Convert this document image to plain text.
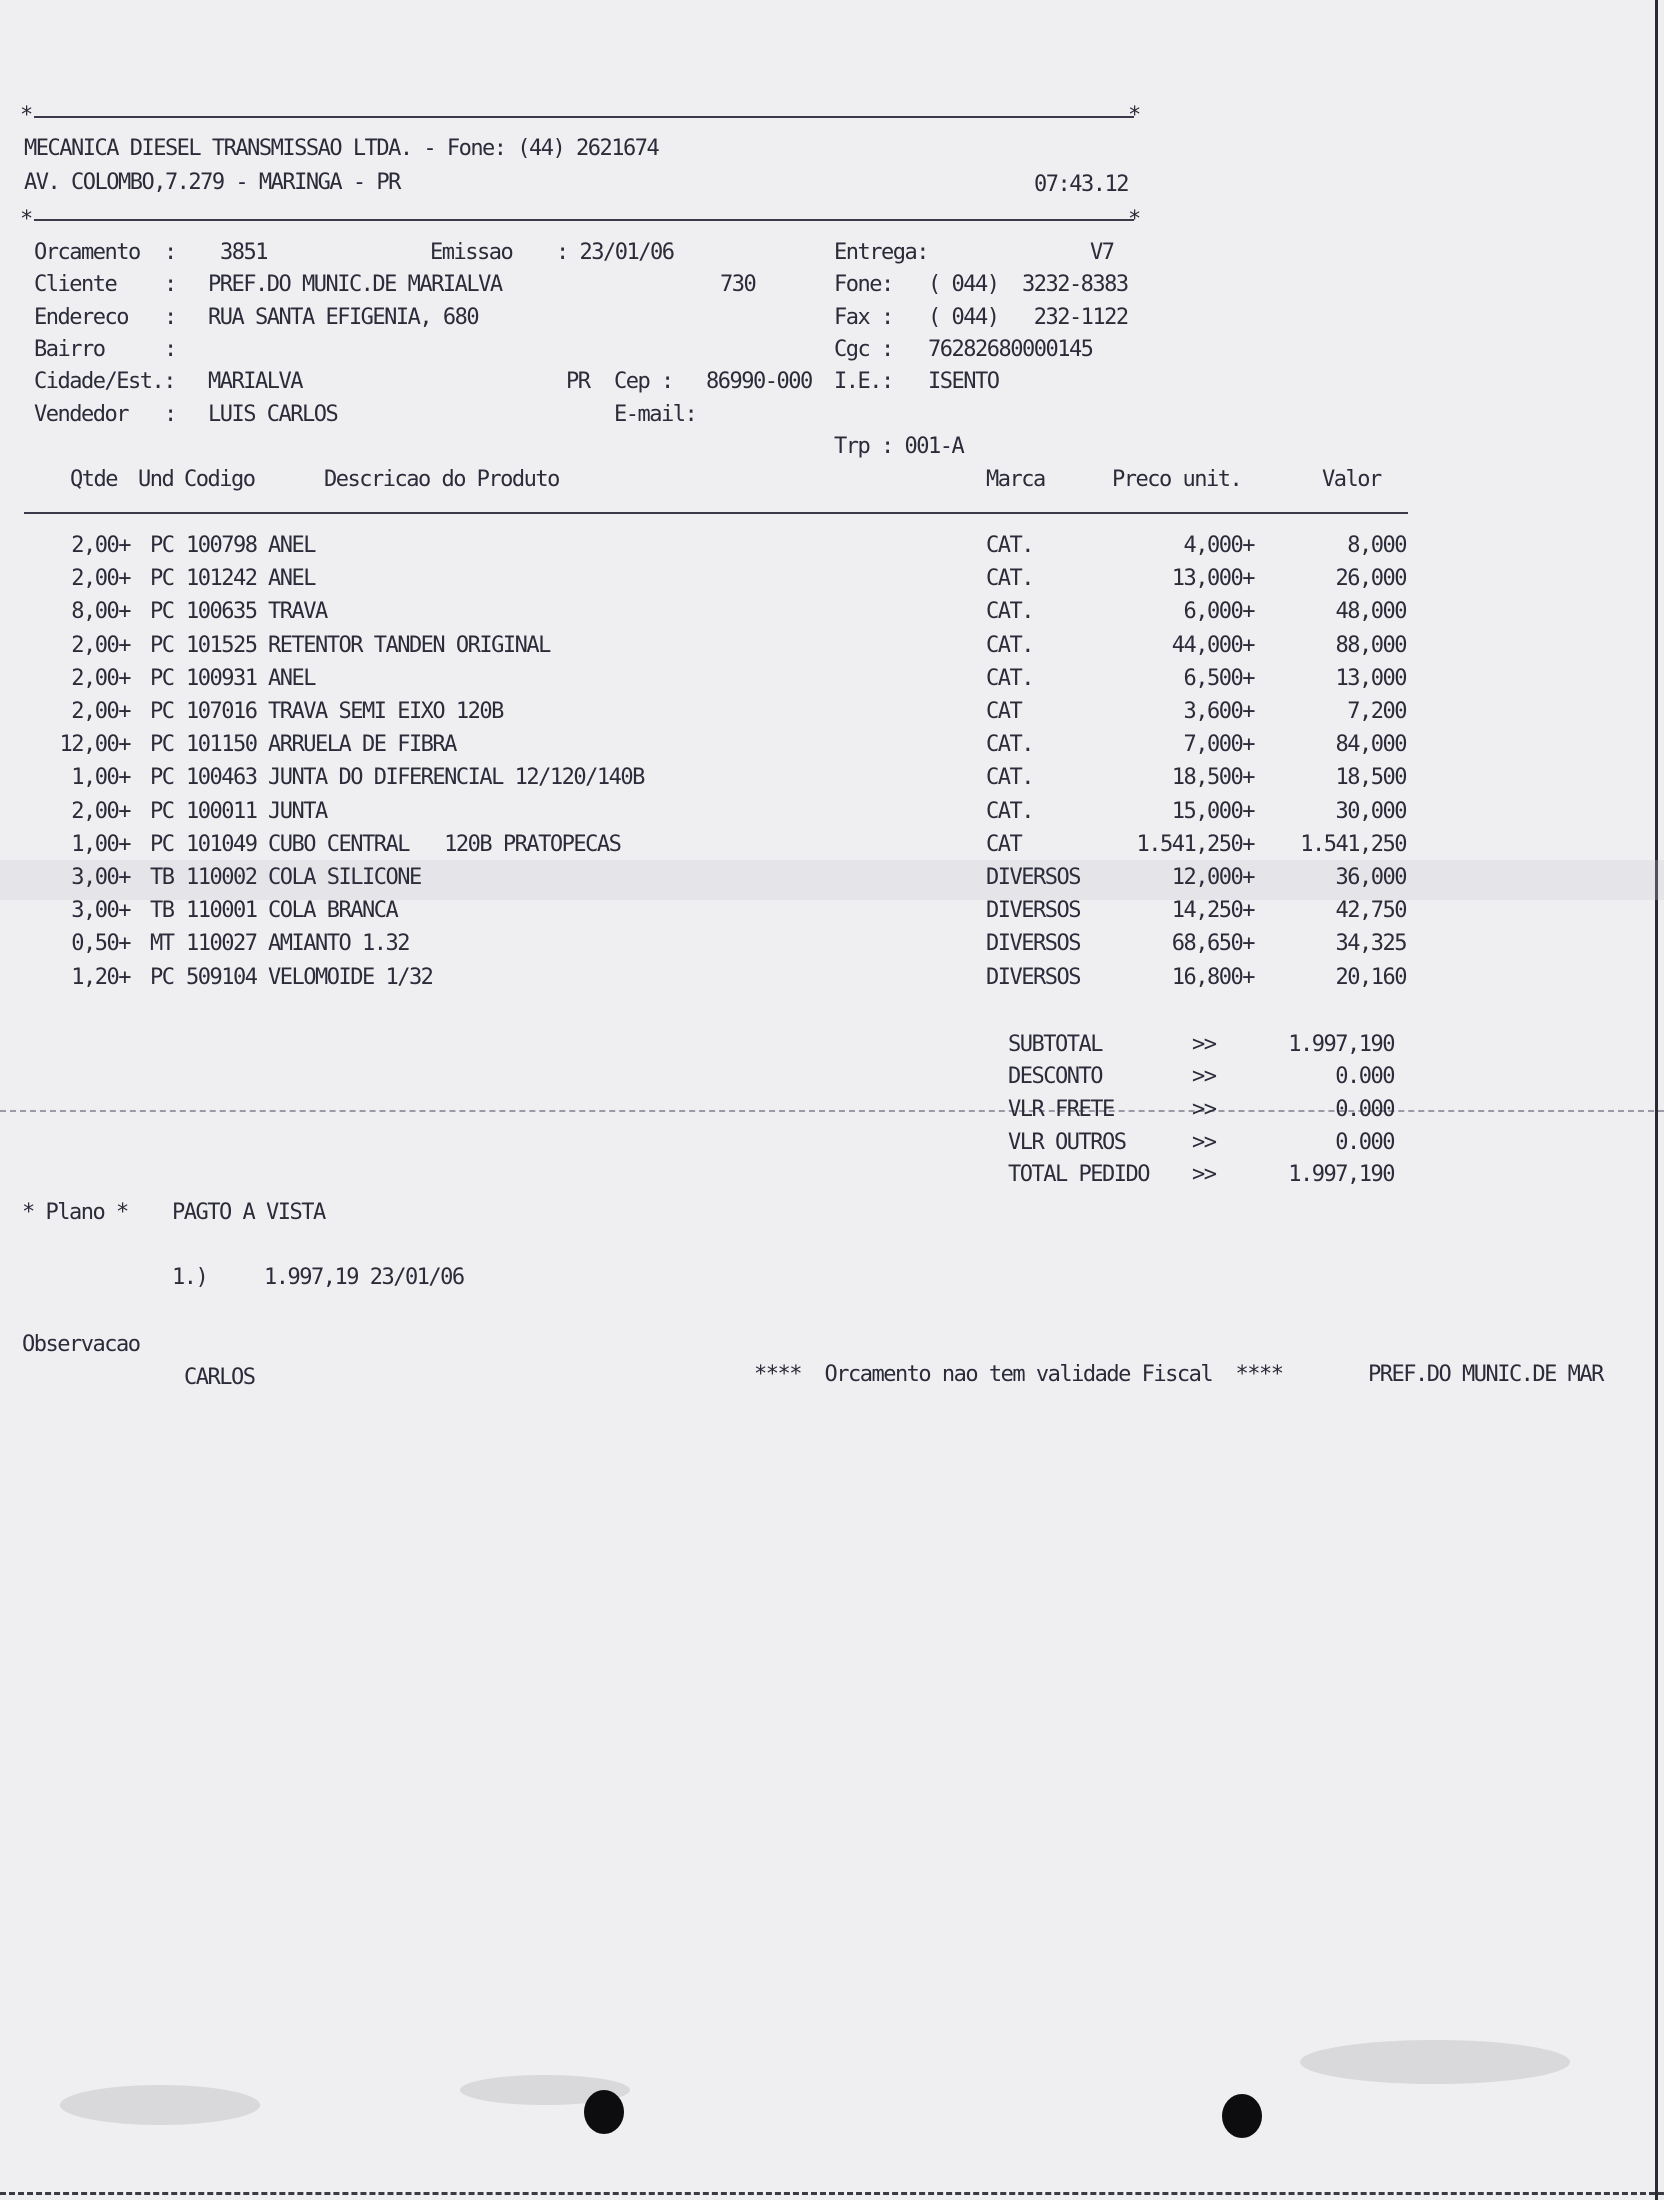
*	*
MECANICA DIESEL TRANSMISSAO LTDA. - Fone: (44) 2621674
AV. COLOMBO,7.279 - MARINGA - PR	07:43.12
*	*
Orcamento : 3851	Emissao : 23/01/06	Entrega:	V7
Cliente : PREF.DO MUNIC.DE MARIALVA	730	Fone: ( 044)  3232-8383
Endereco : RUA SANTA EFIGENIA, 680	Fax : ( 044)   232-1122
Bairro	:	Cgc : 76282680000145
Cidade/Est.: MARIALVA	PR Cep : 86990-000 I.E.: ISENTO
Vendedor : LUIS CARLOS	E-mail:
Trp : 001-A
Qtde Und Codigo	Descricao do Produto	Marca	Preco unit.	Valor
2,00+ PC 100798 ANEL	CAT.	4,000+	8,000
2,00+ PC 101242 ANEL	CAT.	13,000+	26,000
8,00+ PC 100635 TRAVA	CAT.	6,000+	48,000
2,00+ PC 101525 RETENTOR TANDEN ORIGINAL	CAT.	44,000+	88,000
2,00+ PC 100931 ANEL	CAT.	6,500+	13,000
2,00+ PC 107016 TRAVA SEMI EIXO 120B	CAT	3,600+	7,200
12,00+ PC 101150 ARRUELA DE FIBRA	CAT.	7,000+	84,000
1,00+ PC 100463 JUNTA DO DIFERENCIAL 12/120/140B	CAT.	18,500+	18,500
2,00+ PC 100011 JUNTA	CAT.	15,000+	30,000
1,00+ PC 101049 CUBO CENTRAL   120B PRATOPECAS	CAT	1.541,250+	1.541,250
3,00+ TB 110002 COLA SILICONE	DIVERSOS	12,000+	36,000
3,00+ TB 110001 COLA BRANCA	DIVERSOS	14,250+	42,750
0,50+ MT 110027 AMIANTO 1.32	DIVERSOS	68,650+	34,325
1,20+ PC 509104 VELOMOIDE 1/32	DIVERSOS	16,800+	20,160
SUBTOTAL	>>	1.997,190
DESCONTO	>>	0.000
VLR FRETE	>>	0.000
VLR OUTROS	>>	0.000
TOTAL PEDIDO >>	1.997,190
* Plano * PAGTO A VISTA
1.)	1.997,19 23/01/06
Observacao
CARLOS	****  Orcamento nao tem validade Fiscal  ****	PREF.DO MUNIC.DE MAR
